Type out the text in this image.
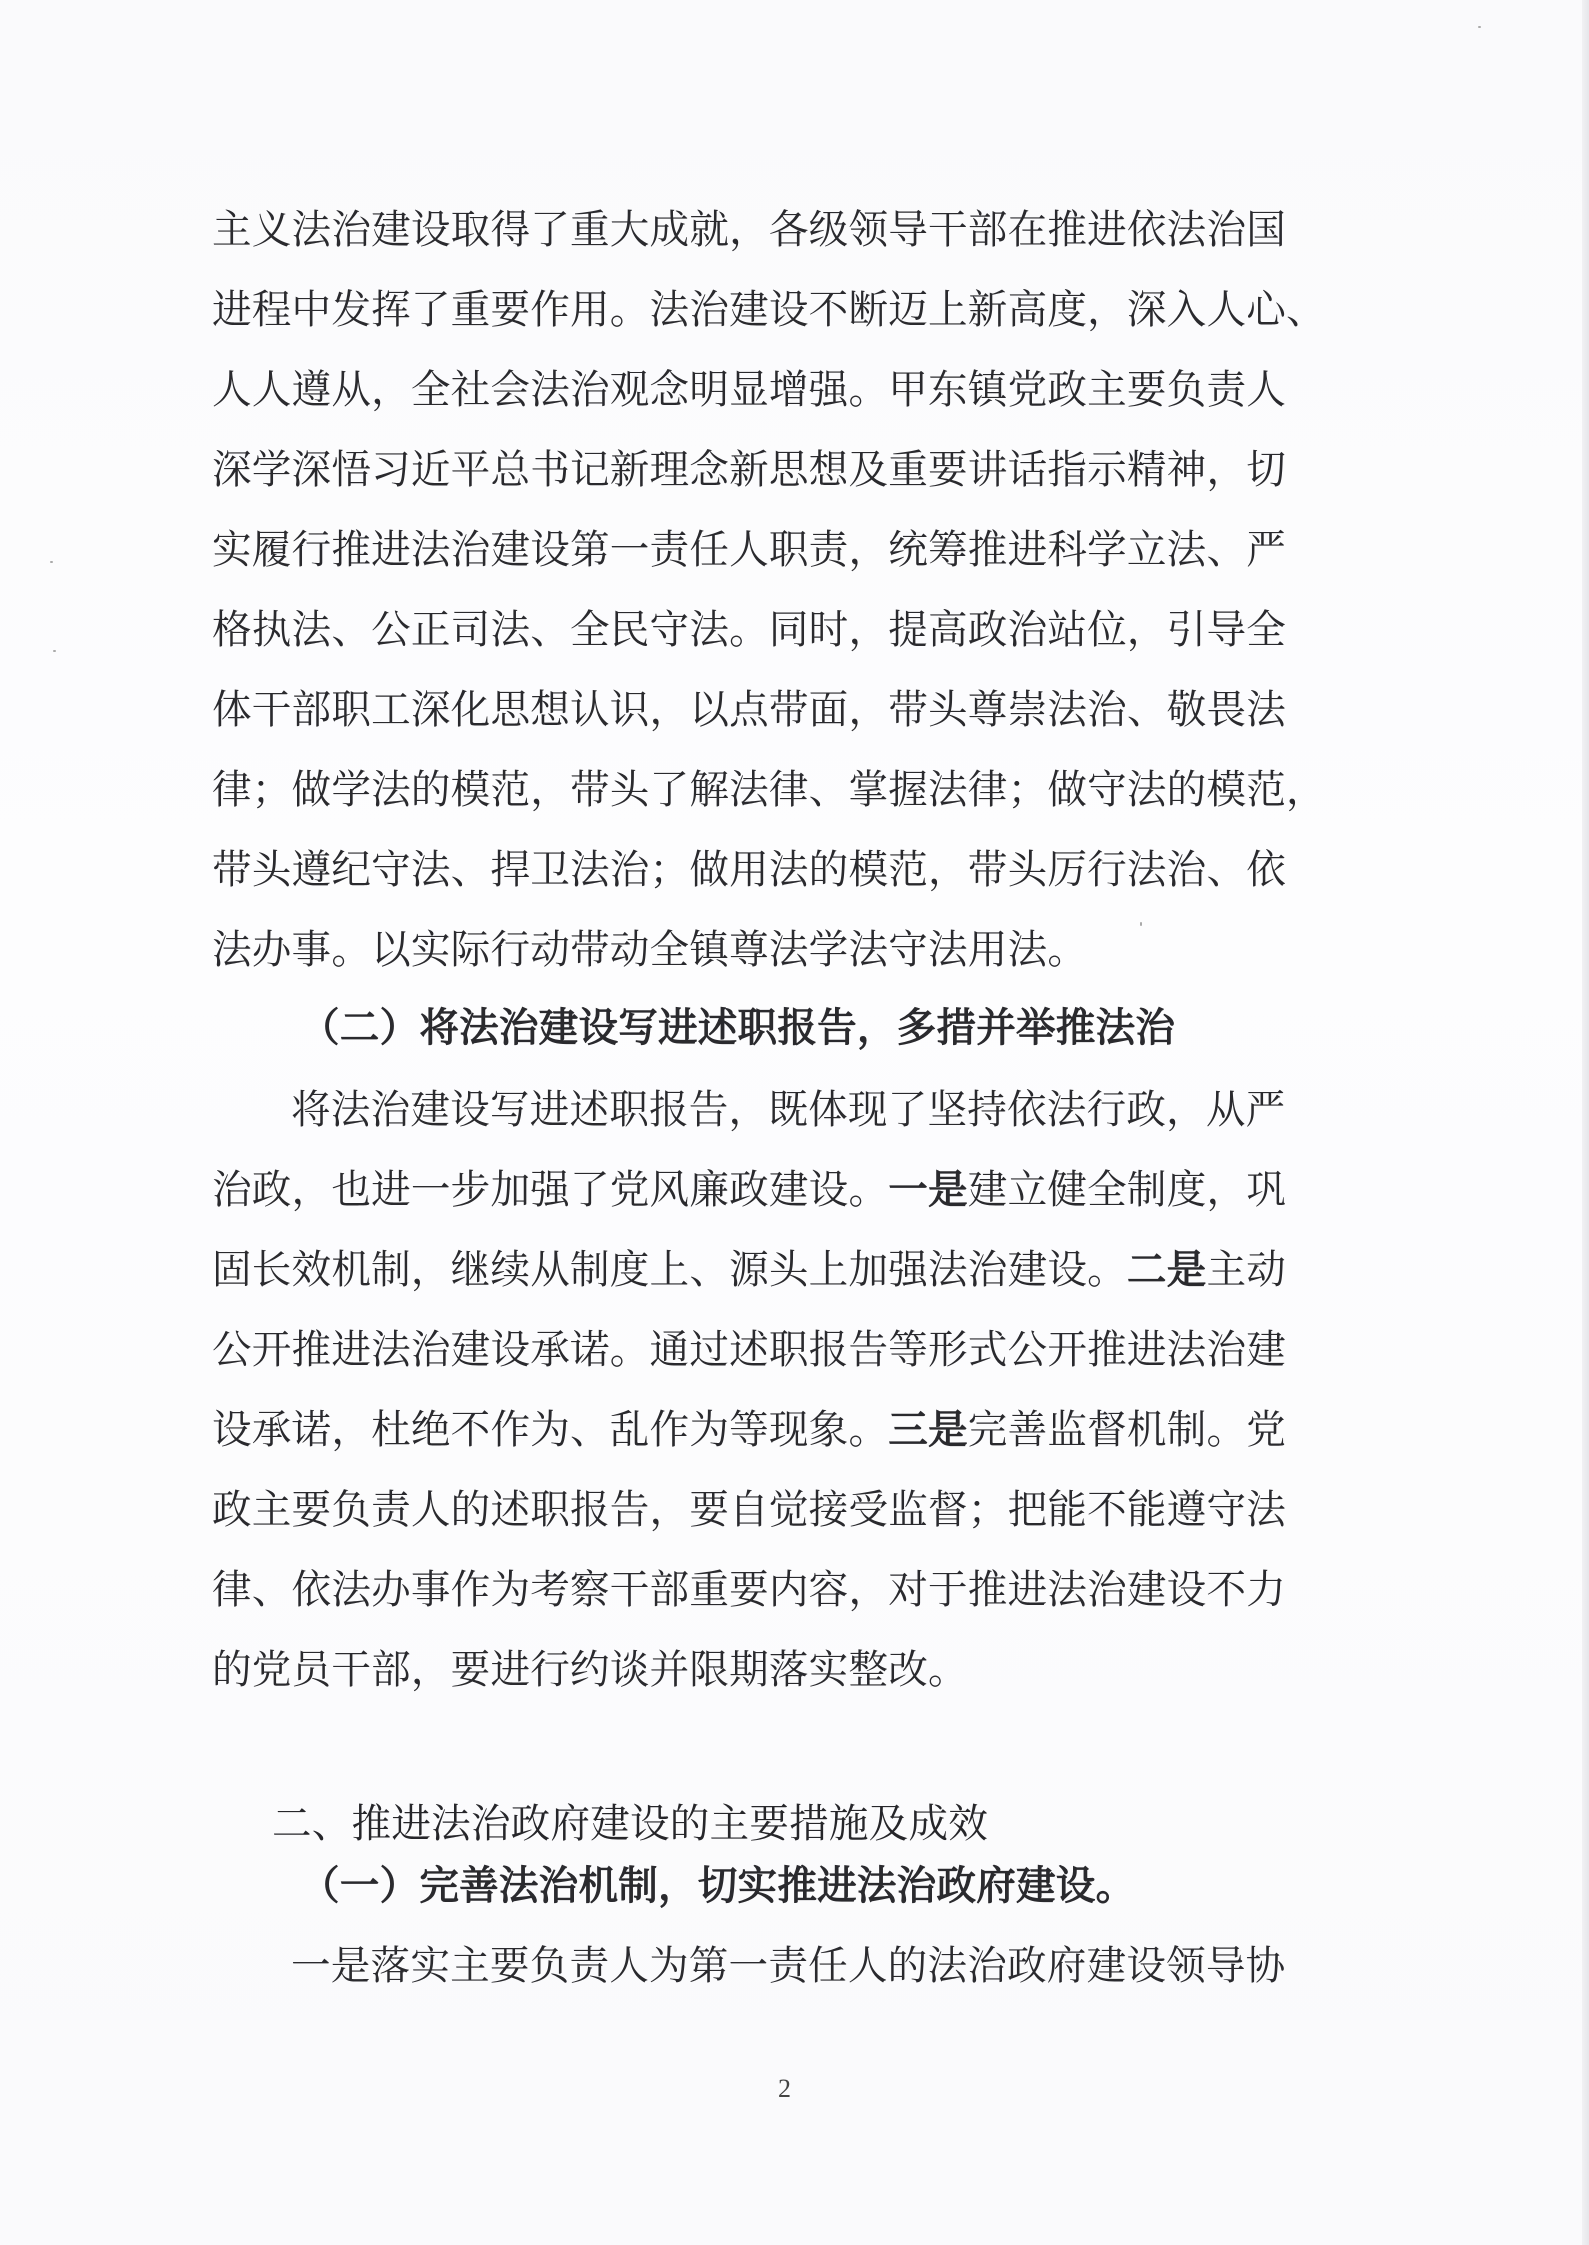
主义法治建设取得了重大成就，各级领导干部在推进依法治国
进程中发挥了重要作用。法治建设不断迈上新高度，深入人心、
人人遵从，全社会法治观念明显增强。甲东镇党政主要负责人
深学深悟习近平总书记新理念新思想及重要讲话指示精神，切
实履行推进法治建设第一责任人职责，统筹推进科学立法、严
格执法、公正司法、全民守法。同时，提高政治站位，引导全
体干部职工深化思想认识，以点带面，带头尊崇法治、敬畏法
律；做学法的模范，带头了解法律、掌握法律；做守法的模范，
带头遵纪守法、捍卫法治；做用法的模范，带头厉行法治、依
法办事。以实际行动带动全镇尊法学法守法用法。
（二）将法治建设写进述职报告，多措并举推法治
将法治建设写进述职报告，既体现了坚持依法行政，从严
治政，也进一步加强了党风廉政建设。一是建立健全制度，巩
固长效机制，继续从制度上、源头上加强法治建设。二是主动
公开推进法治建设承诺。通过述职报告等形式公开推进法治建
设承诺，杜绝不作为、乱作为等现象。三是完善监督机制。党
政主要负责人的述职报告，要自觉接受监督；把能不能遵守法
律、依法办事作为考察干部重要内容，对于推进法治建设不力
的党员干部，要进行约谈并限期落实整改。
二、推进法治政府建设的主要措施及成效
（一）完善法治机制，切实推进法治政府建设。
一是落实主要负责人为第一责任人的法治政府建设领导协
2
